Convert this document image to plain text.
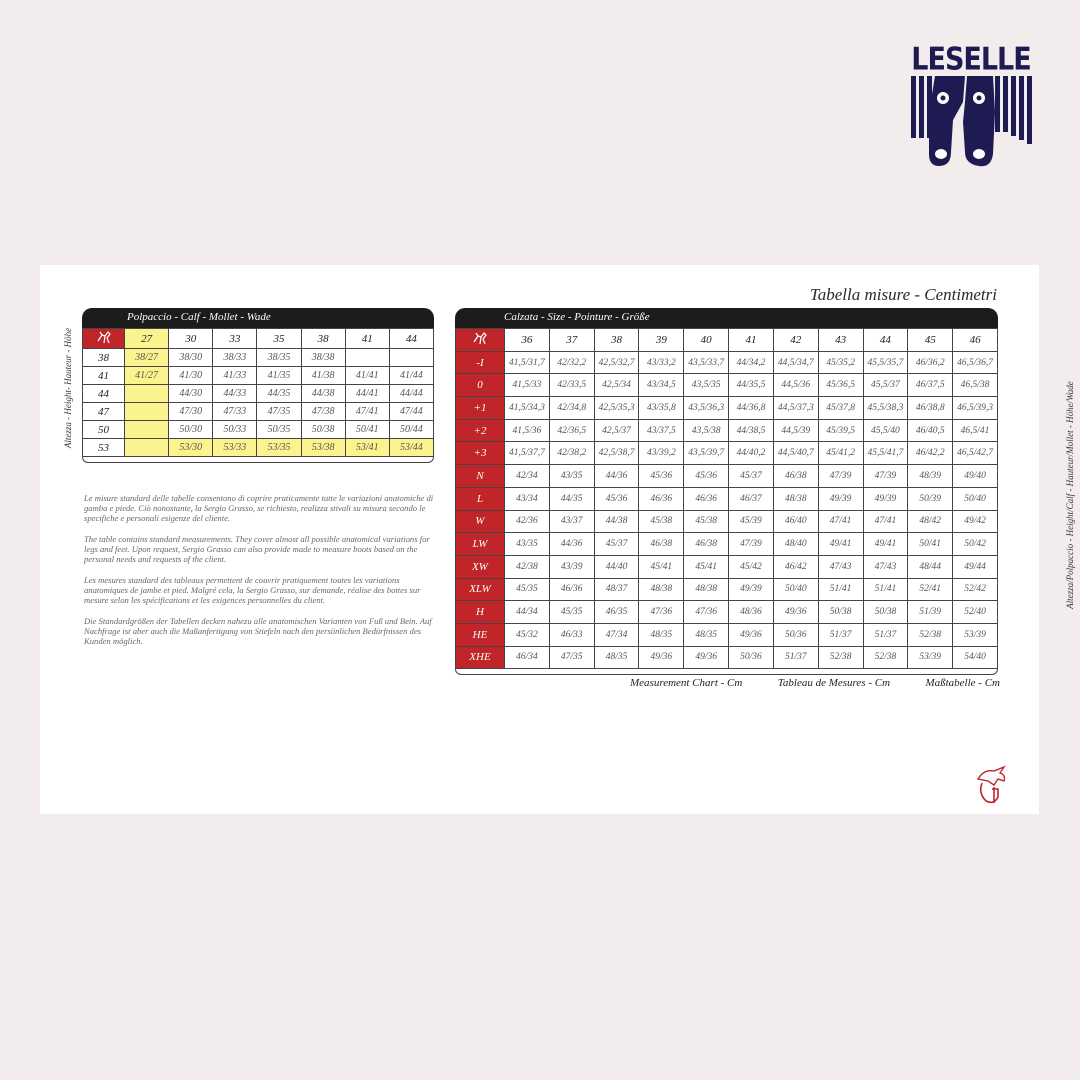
LESELLE
Tabella misure - Centimetri
Altezza - Height- Hauteur - Höhe
Polpaccio - Calf - Mollet - Wade
	27	30	33	35	38	41	44
38	38/27	38/30	38/33	38/35	38/38		
41	41/27	41/30	41/33	41/35	41/38	41/41	41/44
44		44/30	44/33	44/35	44/38	44/41	44/44
47		47/30	47/33	47/35	47/38	47/41	47/44
50		50/30	50/33	50/35	50/38	50/41	50/44
53		53/30	53/33	53/35	53/38	53/41	53/44

Le misure standard delle tabelle consentono di coprire praticamente tutte le variazioni anatomiche di gamba e piede. Ciò nonostante, la Sergio Grasso, se richiesto, realizza stivali su misura secondo le specifiche e personali esigenze del cliente.

The table contains standard measurements. They cover almost all possible anatomical variations for legs and feet. Upon request, Sergio Grasso can also provide made to measure boots based on the personal needs and requests of the client.

Les mesures standard des tableaux permettent de couvrir pratiquement toutes les variations anatomiques de jambe et pied. Malgré cela, la Sergio Grasso, sur demande, réalise des bottes sur mesure selon les spécifications et les exigences personnelles du client.

Die Standardgrößen der Tabellen decken nahezu alle anatomischen Varianten von Fuß und Bein. Auf Nachfrage ist aber auch die Maßanfertigung von Stiefeln nach den persönlichen Bedürfnissen des Kunden möglich.

Calzata - Size - Pointure - Größe
	36	37	38	39	40	41	42	43	44	45	46
-I	41,5/31,7	42/32,2	42,5/32,7	43/33,2	43,5/33,7	44/34,2	44,5/34,7	45/35,2	45,5/35,7	46/36,2	46,5/36,7
0	41,5/33	42/33,5	42,5/34	43/34,5	43,5/35	44/35,5	44,5/36	45/36,5	45,5/37	46/37,5	46,5/38
+1	41,5/34,3	42/34,8	42,5/35,3	43/35,8	43,5/36,3	44/36,8	44,5/37,3	45/37,8	45,5/38,3	46/38,8	46,5/39,3
+2	41,5/36	42/36,5	42,5/37	43/37,5	43,5/38	44/38,5	44,5/39	45/39,5	45,5/40	46/40,5	46,5/41
+3	41,5/37,7	42/38,2	42,5/38,7	43/39,2	43,5/39,7	44/40,2	44,5/40,7	45/41,2	45,5/41,7	46/42,2	46,5/42,7
N	42/34	43/35	44/36	45/36	45/36	45/37	46/38	47/39	47/39	48/39	49/40
L	43/34	44/35	45/36	46/36	46/36	46/37	48/38	49/39	49/39	50/39	50/40
W	42/36	43/37	44/38	45/38	45/38	45/39	46/40	47/41	47/41	48/42	49/42
LW	43/35	44/36	45/37	46/38	46/38	47/39	48/40	49/41	49/41	50/41	50/42
XW	42/38	43/39	44/40	45/41	45/41	45/42	46/42	47/43	47/43	48/44	49/44
XLW	45/35	46/36	48/37	48/38	48/38	49/39	50/40	51/41	51/41	52/41	52/42
H	44/34	45/35	46/35	47/36	47/36	48/36	49/36	50/38	50/38	51/39	52/40
HE	45/32	46/33	47/34	48/35	48/35	49/36	50/36	51/37	51/37	52/38	53/39
XHE	46/34	47/35	48/35	49/36	49/36	50/36	51/37	52/38	52/38	53/39	54/40
Altezza/Polpaccio - Height/Calf - Hauteur/Mollet - Höhe/Wade
Measurement Chart - Cm	Tableau de Mesures - Cm	Maßtabelle - Cm
